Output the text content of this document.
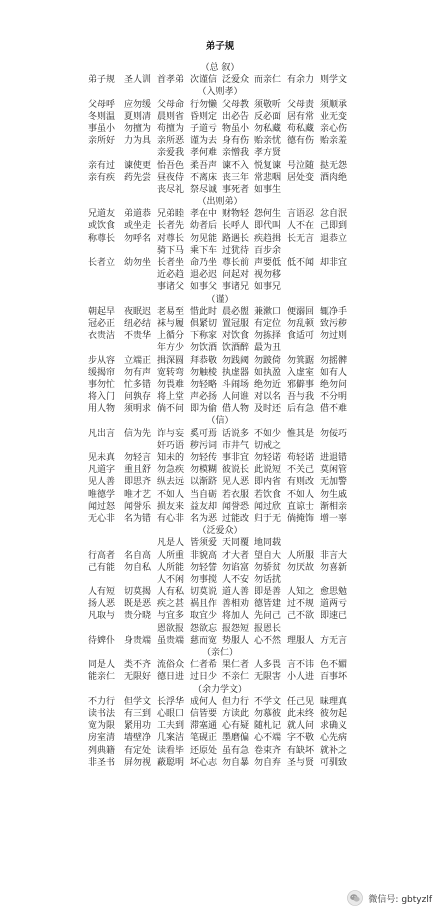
弟子规
（总 叙）
弟子规 圣人训 首孝弟 次谨信 泛爱众 而亲仁 有余力 则学文
（入则孝）
父母呼 应勿缓 父母命 行勿懒 父母教 须敬听 父母责 须顺承
冬则温 夏则凊 晨则省 昏则定 出必告 反必面 居有常 业无变
事虽小 勿擅为 苟擅为 子道亏 物虽小 勿私藏 苟私藏 亲心伤
亲所好 力为具 亲所恶 谨为去 身有伤 贻亲忧 德有伤 贻亲羞
亲爱我 孝何难 亲憎我 孝方贤
亲有过 谏使更 怡吾色 柔吾声 谏不入 悦复谏 号泣随 挞无怨
亲有疾 药先尝 昼夜侍 不离床 丧三年 常悲咽 居处变 酒肉绝
丧尽礼 祭尽诚 事死者 如事生
（出则弟）
兄道友 弟道恭 兄弟睦 孝在中 财物轻 怨何生 言语忍 忿自泯
或饮食 或坐走 长者先 幼者后 长呼人 即代叫 人不在 己即到
称尊长 勿呼名 对尊长 勿见能 路遇长 疾趋揖 长无言 退恭立
骑下马 乘下车 过犹待 百步余
长者立 幼勿坐 长者坐 命乃坐 尊长前 声要低 低不闻 却非宜
近必趋 退必迟 问起对 视勿移
事诸父 如事父 事诸兄 如事兄
（谨）
朝起早 夜眠迟 老易至 惜此时 晨必盥 兼漱口 便溺回 辄净手
冠必正 纽必结 袜与履 俱紧切 置冠服 有定位 勿乱顿 致污秽
衣贵洁 不贵华 上循分 下称家 对饮食 勿拣择 食适可 勿过则
年方少 勿饮酒 饮酒醉 最为丑
步从容 立端正 揖深圆 拜恭敬 勿践阈 勿跛倚 勿箕踞 勿摇髀
缓揭帘 勿有声 宽转弯 勿触棱 执虚器 如执盈 入虚室 如有人
事勿忙 忙多错 勿畏难 勿轻略 斗闹场 绝勿近 邪僻事 绝勿问
将入门 问孰存 将上堂 声必扬 人问谁 对以名 吾与我 不分明
用人物 须明求 倘不问 即为偷 借人物 及时还 后有急 借不难
（信）
凡出言 信为先 诈与妄 奚可焉 话说多 不如少 惟其是 勿佞巧
奸巧语 秽污词 市井气 切戒之
见未真 勿轻言 知未的 勿轻传 事非宜 勿轻诺 苟轻诺 进退错
凡道字 重且舒 勿急疾 勿模糊 彼说长 此说短 不关己 莫闲管
见人善 即思齐 纵去远 以渐跻 见人恶 即内省 有则改 无加警
唯德学 唯才艺 不如人 当自砺 若衣服 若饮食 不如人 勿生戚
闻过怒 闻誉乐 损友来 益友却 闻誉恐 闻过欣 直谅士 渐相亲
无心非 名为错 有心非 名为恶 过能改 归于无 倘掩饰 增一辜
（泛爱众）
凡是人 皆须爱 天同覆 地同载
行高者 名自高 人所重 非貌高 才大者 望自大 人所服 非言大
己有能 勿自私 人所能 勿轻訾 勿谄富 勿骄贫 勿厌故 勿喜新
人不闲 勿事搅 人不安 勿话扰
人有短 切莫揭 人有私 切莫说 道人善 即是善 人知之 愈思勉
扬人恶 既是恶 疾之甚 祸且作 善相劝 德皆建 过不规 道两亏
凡取与 贵分晓 与宜多 取宜少 将加人 先问己 己不欲 即速已
恩欲报 怨欲忘 报怨短 报恩长
待婢仆 身贵端 虽贵端 慈而宽 势服人 心不然 理服人 方无言
（亲仁）
同是人 类不齐 流俗众 仁者希 果仁者 人多畏 言不讳 色不媚
能亲仁 无限好 德日进 过日少 不亲仁 无限害 小人进 百事坏
（余力学文）
不力行 但学文 长浮华 成何人 但力行 不学文 任己见 昧理真
读书法 有三到 心眼口 信皆要 方读此 勿慕彼 此未终 彼勿起
宽为限 紧用功 工夫到 滞塞通 心有疑 随札记 就人问 求确义
房室清 墙壁净 几案洁 笔砚正 墨磨偏 心不端 字不敬 心先病
列典籍 有定处 读看毕 还原处 虽有急 卷束齐 有缺坏 就补之
非圣书 屏勿视 蔽聪明 坏心志 勿自暴 勿自弃 圣与贤 可驯致
微信号: gbtyzlf
